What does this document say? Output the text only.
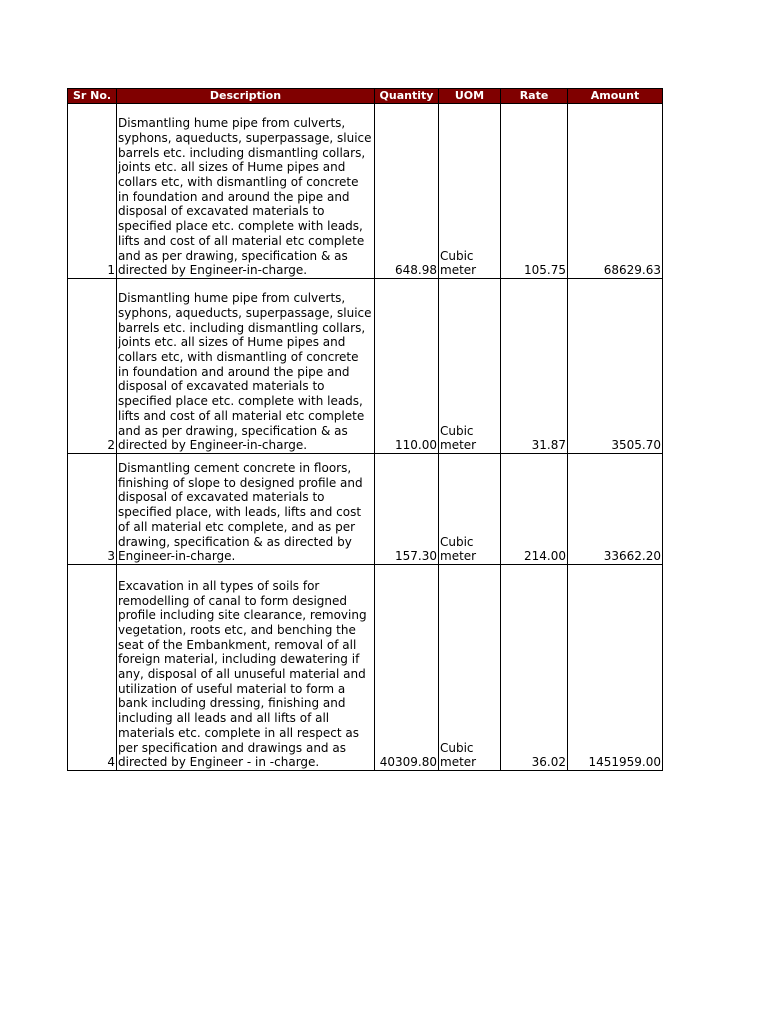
Sr No.	Description	Quantity	UOM	Rate	Amount
1	Dismantling hume pipe from culverts, syphons, aqueducts, superpassage, sluice barrels etc. including dismantling collars, joints etc. all sizes of Hume pipes and collars etc, with dismantling of concrete in foundation and around the pipe and disposal of excavated materials to specified place etc. complete with leads, lifts and cost of all material etc complete and as per drawing, specification & as directed by Engineer-in-charge.	648.98	Cubic meter	105.75	68629.63
2	Dismantling hume pipe from culverts, syphons, aqueducts, superpassage, sluice barrels etc. including dismantling collars, joints etc. all sizes of Hume pipes and collars etc, with dismantling of concrete in foundation and around the pipe and disposal of excavated materials to specified place etc. complete with leads, lifts and cost of all material etc complete and as per drawing, specification & as directed by Engineer-in-charge.	110.00	Cubic meter	31.87	3505.70
3	Dismantling cement concrete in floors, finishing of slope to designed profile and disposal of excavated materials to specified place, with leads, lifts and cost of all material etc complete, and as per drawing, specification & as directed by Engineer-in-charge.	157.30	Cubic meter	214.00	33662.20
4	Excavation in all types of soils for remodelling of canal to form designed profile including site clearance, removing vegetation, roots etc, and benching the seat of the Embankment, removal of all foreign material, including dewatering if any, disposal of all unuseful material and utilization of useful material to form a bank including dressing, finishing and including all leads and all lifts of all materials etc. complete in all respect as per specification and drawings and as directed by Engineer - in -charge.	40309.80	Cubic meter	36.02	1451959.00
